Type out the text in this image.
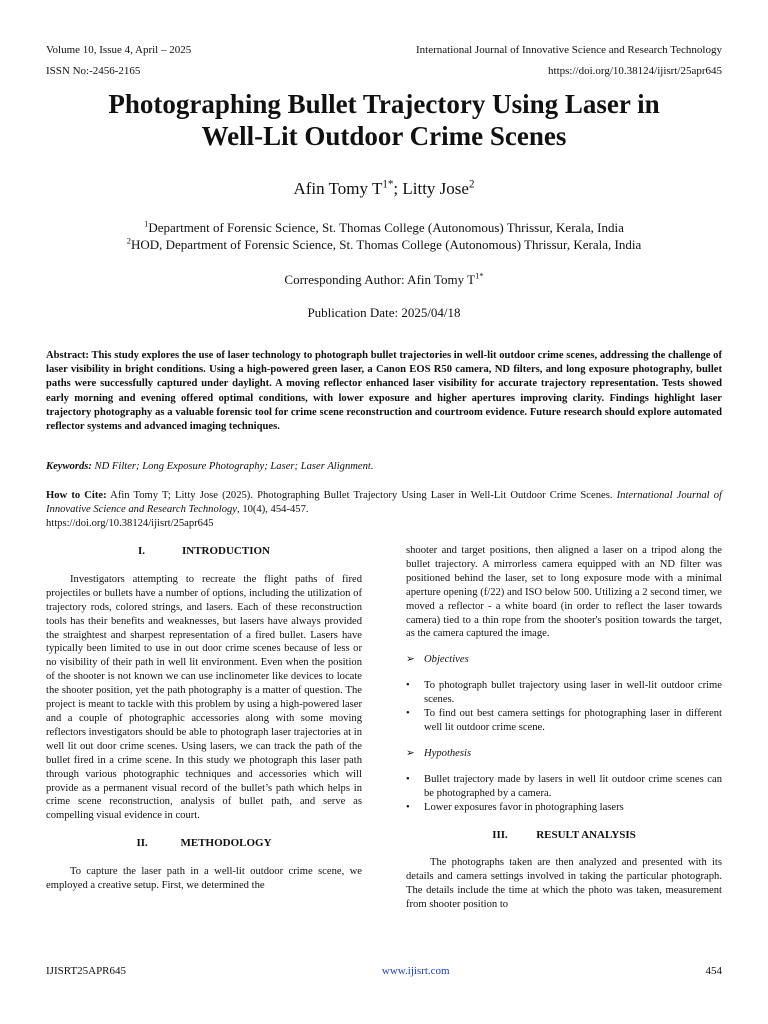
Volume 10, Issue 4, April – 2025	International Journal of Innovative Science and Research Technology
ISSN No:-2456-2165	https://doi.org/10.38124/ijisrt/25apr645
Photographing Bullet Trajectory Using Laser in
Well-Lit Outdoor Crime Scenes
Afin Tomy $T^{1*}$; Litty Jose$^2$
$^1$Department of Forensic Science, St. Thomas College (Autonomous) Thrissur, Kerala, India
$^2$HOD, Department of Forensic Science, St. Thomas College (Autonomous) Thrissur, Kerala, India
Corresponding Author: Afin Tomy $T^{1*}$
Publication Date: 2025/04/18
Abstract: This study explores the use of laser technology to photograph bullet trajectories in well-lit outdoor crime scenes, addressing the challenge of laser visibility in bright conditions. Using a high-powered green laser, a Canon EOS R50 camera, ND filters, and long exposure photography, bullet paths were successfully captured under daylight. A moving reflector enhanced laser visibility for accurate trajectory representation. Tests showed early morning and evening offered optimal conditions, with lower exposure and higher apertures improving clarity. Findings highlight laser trajectory photography as a valuable forensic tool for crime scene reconstruction and courtroom evidence. Future research should explore automated reflector systems and advanced imaging techniques.
Keywords: ND Filter; Long Exposure Photography; Laser; Laser Alignment.
How to Cite: Afin Tomy T; Litty Jose (2025). Photographing Bullet Trajectory Using Laser in Well-Lit Outdoor Crime Scenes. International Journal of Innovative Science and Research Technology, 10(4), 454-457.
https://doi.org/10.38124/ijisrt/25apr645
I.	INTRODUCTION

Investigators attempting to recreate the flight paths of fired projectiles or bullets have a number of options, including the utilization of trajectory rods, colored strings, and lasers. Each of these reconstruction tools has their benefits and weaknesses, but lasers have always provided the straightest and sharpest representation of a fired bullet. Lasers have typically been limited to use in out door crime scenes because of less or no visibility of their path in well lit environment. Even when the position of the shooter is not known we can use inclinometer like devices to locate the shooter position, yet the path photography is a matter of question. The project is meant to tackle with this problem by using a high-powered laser and a couple of photographic accessories along with some moving reflectors investigators should be able to photograph laser trajectories at in well lit out door crime scenes. Using lasers, we can track the path of the bullet fired in a crime scene. In this study we photograph this laser path through various photographic techniques and accessories which will provide as a permanent visual record of the bullet’s path which helps in crime scene reconstruction, analysis of bullet path, and serve as compelling visual evidence in court.

II.	METHODOLOGY

To capture the laser path in a well-lit outdoor crime scene, we employed a creative setup. First, we determined the

shooter and target positions, then aligned a laser on a tripod along the bullet trajectory. A mirrorless camera equipped with an ND filter was positioned behind the laser, set to long exposure mode with a minimal aperture opening (f/22) and ISO below 500. Utilizing a 2 second timer, we moved a reflector - a white board (in order to reflect the laser towards camera) tied to a thin rope from the shooter's position towards the target, as the camera captured the image.

➢ Objectives
• To photograph bullet trajectory using laser in well-lit outdoor crime scenes.
• To find out best camera settings for photographing laser in different well lit outdoor crime scene.
➢ Hypothesis
• Bullet trajectory made by lasers in well lit outdoor crime scenes can be photographed by a camera.
• Lower exposures favor in photographing lasers
III.	RESULT ANALYSIS

The photographs taken are then analyzed and presented with its details and camera settings involved in taking the particular photograph. The details include the time at which the photo was taken, measurement from shooter position to

IJISRT25APR645	www.ijisrt.com	454
